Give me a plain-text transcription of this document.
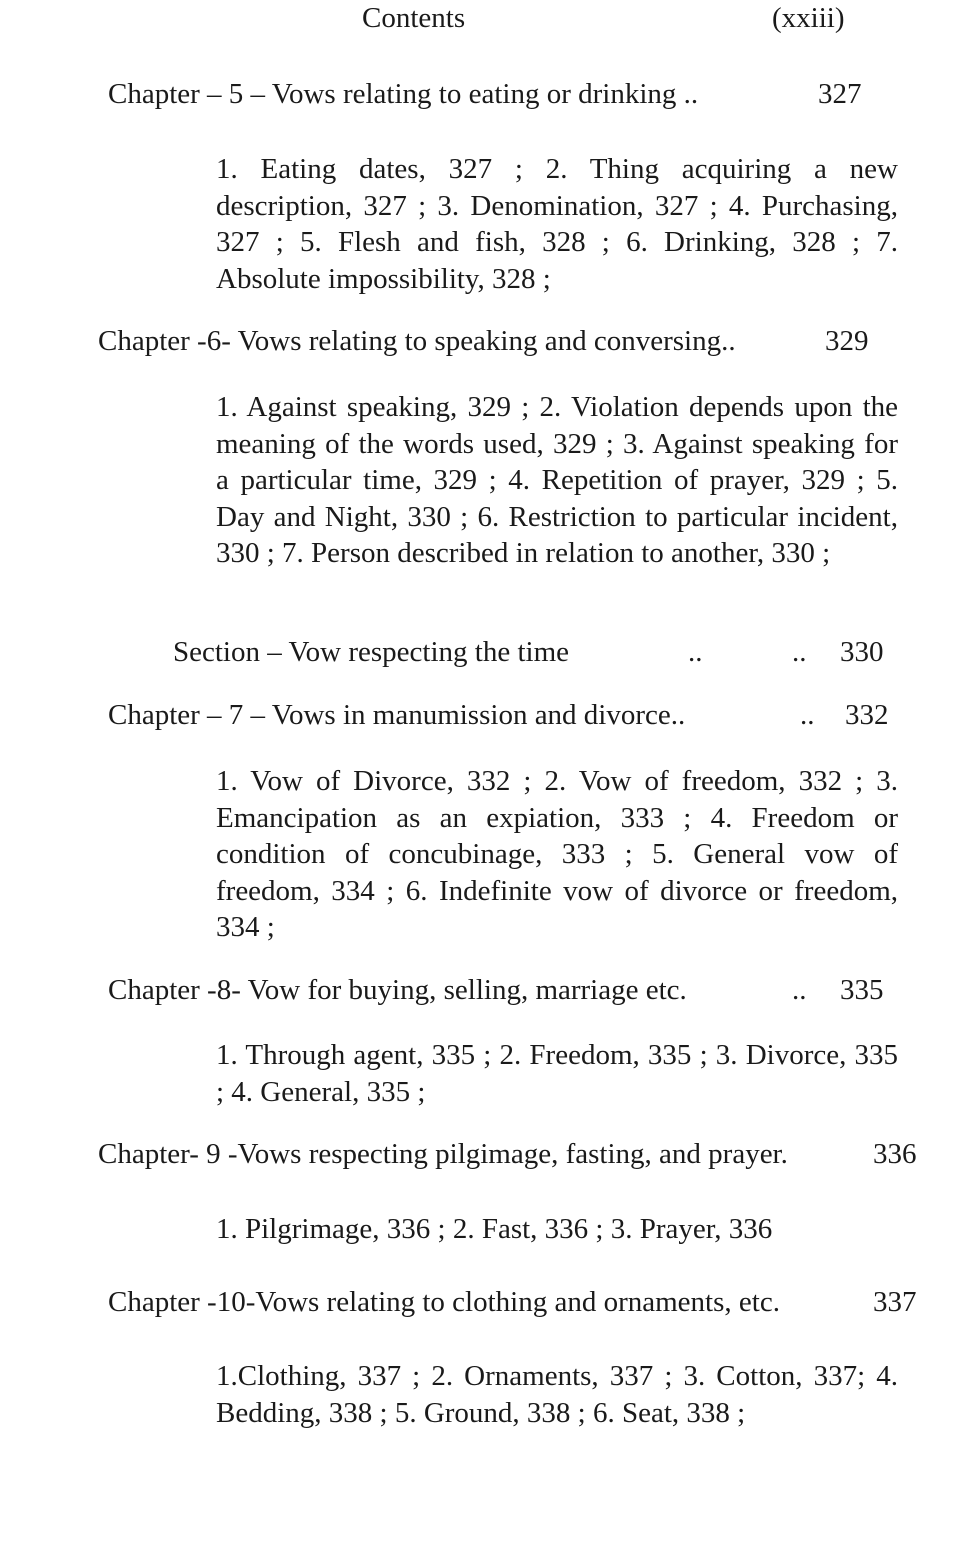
Contents	(xxiii)
Chapter – 5 – Vows relating to eating or drinking ..	327
1. Eating dates, 327 ; 2. Thing acquiring a new description, 327 ; 3. Denomination, 327 ; 4. Purchasing, 327 ; 5. Flesh and fish, 328 ; 6. Drinking, 328 ; 7. Absolute impossibility, 328 ;
Chapter -6- Vows relating to speaking and conversing..	329
1. Against speaking, 329 ; 2. Violation depends upon the meaning of the words used, 329 ; 3. Against speaking for a particular time, 329 ; 4. Repetition of prayer, 329 ; 5. Day and Night, 330 ; 6. Restriction to particular incident, 330 ; 7. Person described in relation to another, 330 ;
Section – Vow respecting the time	..	.. 330
Chapter – 7 – Vows in manumission and divorce..	.. 332
1. Vow of Divorce, 332 ; 2. Vow of freedom, 332 ; 3. Emancipation as an expiation, 333 ; 4. Freedom or condition of concubinage, 333 ; 5. General vow of freedom, 334 ; 6. Indefinite vow of divorce or freedom, 334 ;
Chapter -8- Vow for buying, selling, marriage etc.	.. 335
1. Through agent, 335 ; 2. Freedom, 335 ; 3. Divorce, 335 ; 4. General, 335 ;
Chapter- 9 -Vows respecting pilgimage, fasting, and prayer.	336
1. Pilgrimage, 336 ; 2. Fast, 336 ; 3. Prayer, 336
Chapter -10-Vows relating to clothing and ornaments, etc.	337
1.Clothing, 337 ; 2. Ornaments, 337 ; 3. Cotton, 337; 4. Bedding, 338 ; 5. Ground, 338 ; 6. Seat, 338 ;
